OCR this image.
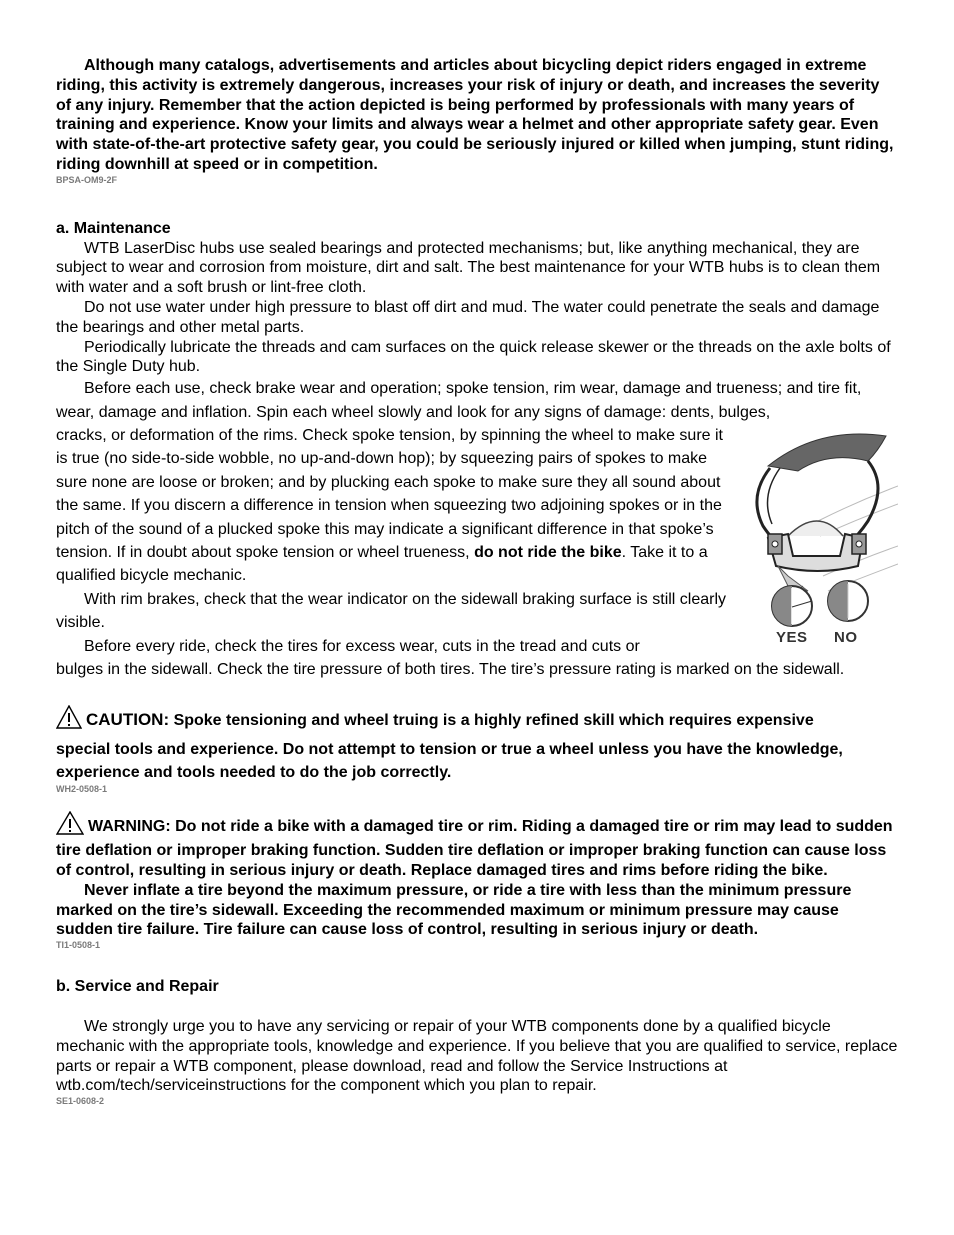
Although many catalogs, advertisements and articles about bicycling depict riders engaged in extreme riding, this activity is extremely dangerous, increases your risk of injury or death, and increases the severity of any injury. Remember that the action depicted is being performed by professionals with many years of training and experience. Know your limits and always wear a helmet and other appropriate safety gear. Even with state-of-the-art protective safety gear, you could be seriously injured or killed when jumping, stunt riding, riding downhill at speed or in competition.

BPSA-OM9-2F

a. Maintenance

WTB LaserDisc hubs use sealed bearings and protected mechanisms; but, like anything mechanical, they are subject to wear and corrosion from moisture, dirt and salt. The best maintenance for your WTB hubs is to clean them with water and a soft brush or lint-free cloth.

Do not use water under high pressure to blast off dirt and mud. The water could penetrate the seals and damage the bearings and other metal parts.

Periodically lubricate the threads and cam surfaces on the quick release skewer or the threads on the axle bolts of the Single Duty hub.

Before each use, check brake wear and operation; spoke tension, rim wear, damage and trueness; and tire fit, wear, damage and inflation. Spin each wheel slowly and look for any signs of damage: dents, bulges,

cracks, or deformation of the rims. Check spoke tension, by spinning the wheel to make sure it is true (no side-to-side wobble, no up-and-down hop); by squeezing pairs of spokes to make sure none are loose or broken; and by plucking each spoke to make sure they all sound about the same. If you discern a difference in tension when squeezing two adjoining spokes or in the pitch of the sound of a plucked spoke this may indicate a significant difference in that spoke’s tension. If in doubt about spoke tension or wheel trueness, do not ride the bike. Take it to a qualified bicycle mechanic.

With rim brakes, check that the wear indicator on the sidewall braking surface is still clearly visible.

Before every ride, check the tires for excess wear, cuts in the tread and cuts or

bulges in the sidewall. Check the tire pressure of both tires. The tire’s pressure rating is marked on the sidewall.

CAUTION: Spoke tensioning and wheel truing is a highly refined skill which requires expensive

special tools and experience. Do not attempt to tension or true a wheel unless you have the knowledge, experience and tools needed to do the job correctly.

WH2-0508-1

WARNING: Do not ride a bike with a damaged tire or rim. Riding a damaged tire or rim may lead to sudden tire deflation or improper braking function. Sudden tire deflation or improper braking function can cause loss of control, resulting in serious injury or death. Replace damaged tires and rims before riding the bike.

Never inflate a tire beyond the maximum pressure, or ride a tire with less than the minimum pressure marked on the tire’s sidewall. Exceeding the recommended maximum or minimum pressure may cause sudden tire failure. Tire failure can cause loss of control, resulting in serious injury or death.

TI1-0508-1

b. Service and Repair

We strongly urge you to have any servicing or repair of your WTB components done by a qualified bicycle mechanic with the appropriate tools, knowledge and experience. If you believe that you are qualified to service, replace parts or repair a WTB component, please download, read and follow the Service Instructions at wtb.com/tech/serviceinstructions for the component which you plan to repair.

SE1-0608-2

YES NO
